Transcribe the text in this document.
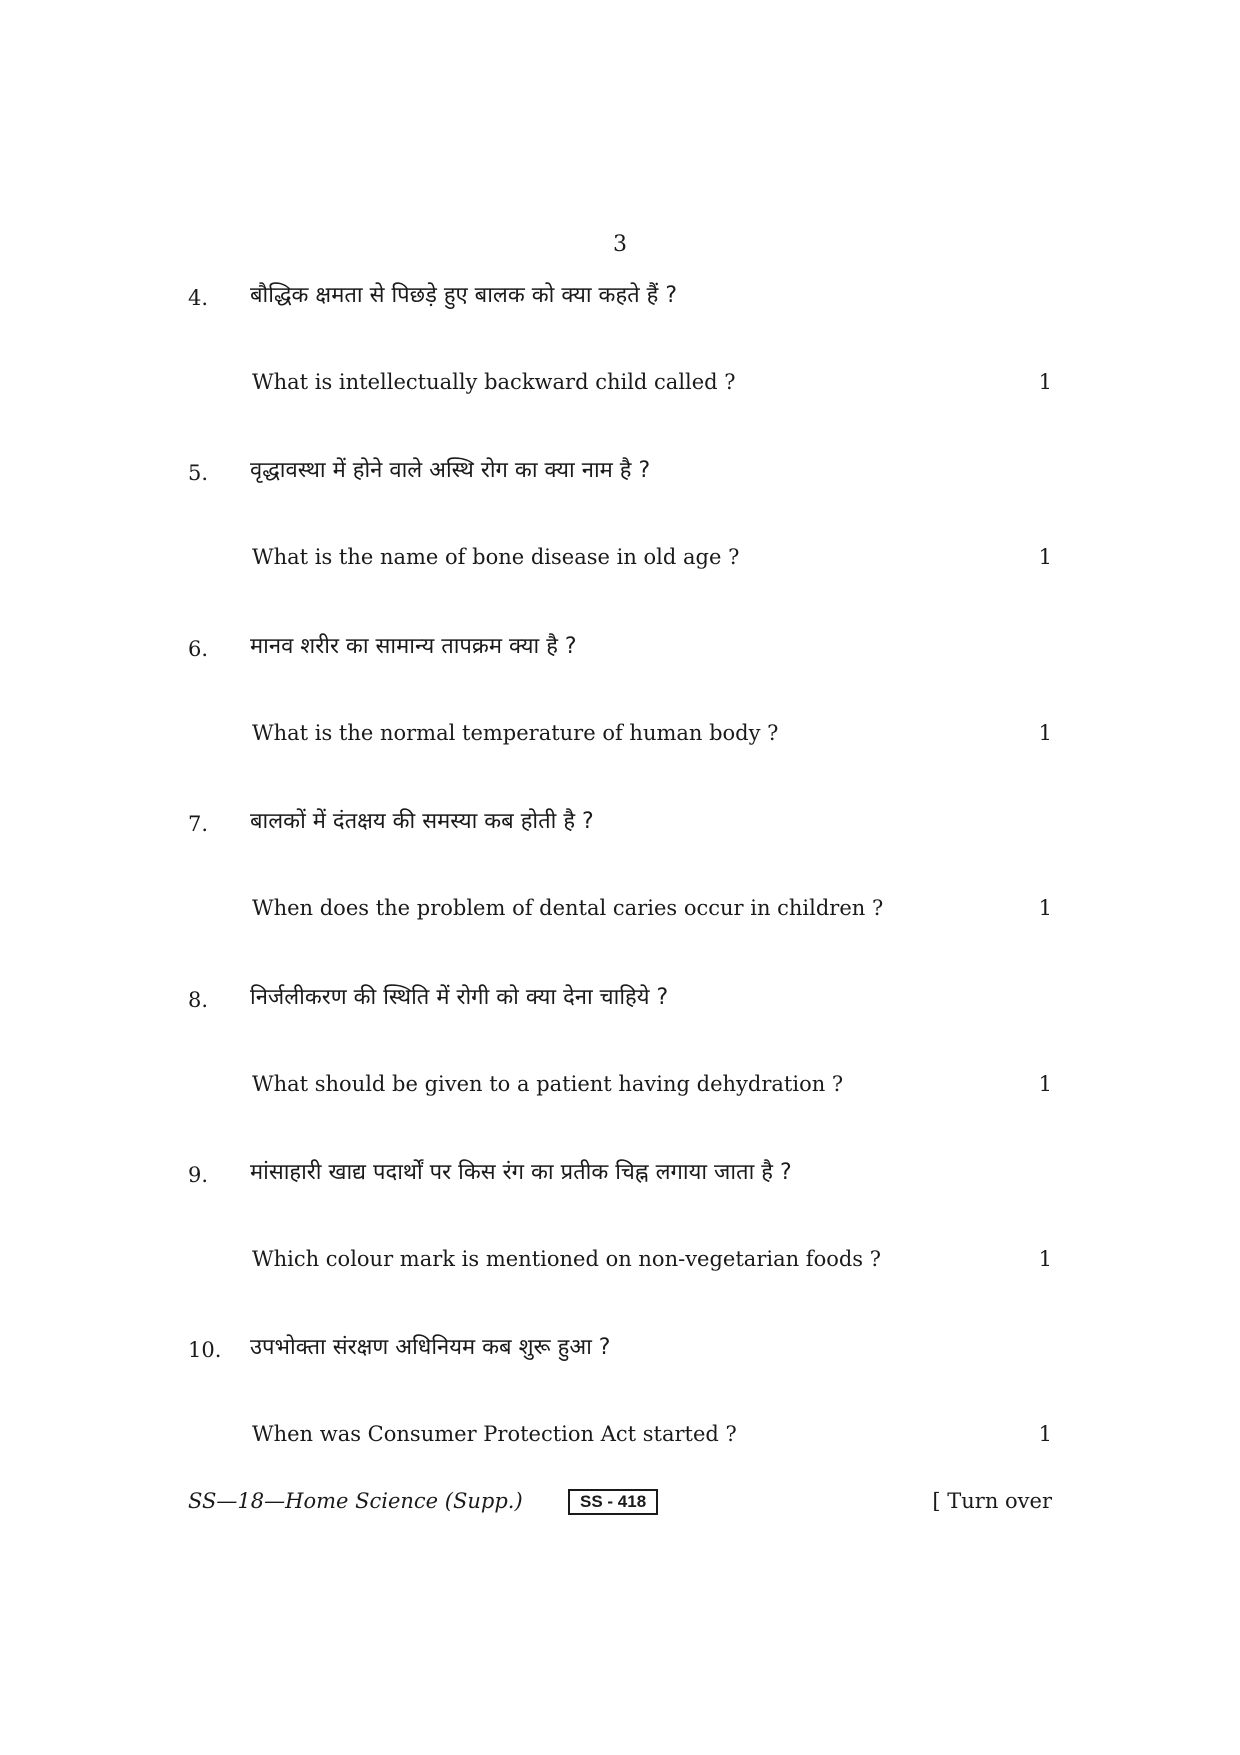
3
4. बौद्धिक क्षमता से पिछड़े हुए बालक को क्या कहते हैं ?
What is intellectually backward child called ?	1
5. वृद्धावस्था में होने वाले अस्थि रोग का क्या नाम है ?
What is the name of bone disease in old age ?	1
6. मानव शरीर का सामान्य तापक्रम क्या है ?
What is the normal temperature of human body ?	1
7. बालकों में दंतक्षय की समस्या कब होती है ?
When does the problem of dental caries occur in children ?	1
8. निर्जलीकरण की स्थिति में रोगी को क्या देना चाहिये ?
What should be given to a patient having dehydration ?	1
9. मांसाहारी खाद्य पदार्थों पर किस रंग का प्रतीक चिह्न लगाया जाता है ?
Which colour mark is mentioned on non-vegetarian foods ?	1
10. उपभोक्ता संरक्षण अधिनियम कब शुरू हुआ ?
When was Consumer Protection Act started ?	1
SS—18—Home Science (Supp.)	SS - 418	[ Turn over
